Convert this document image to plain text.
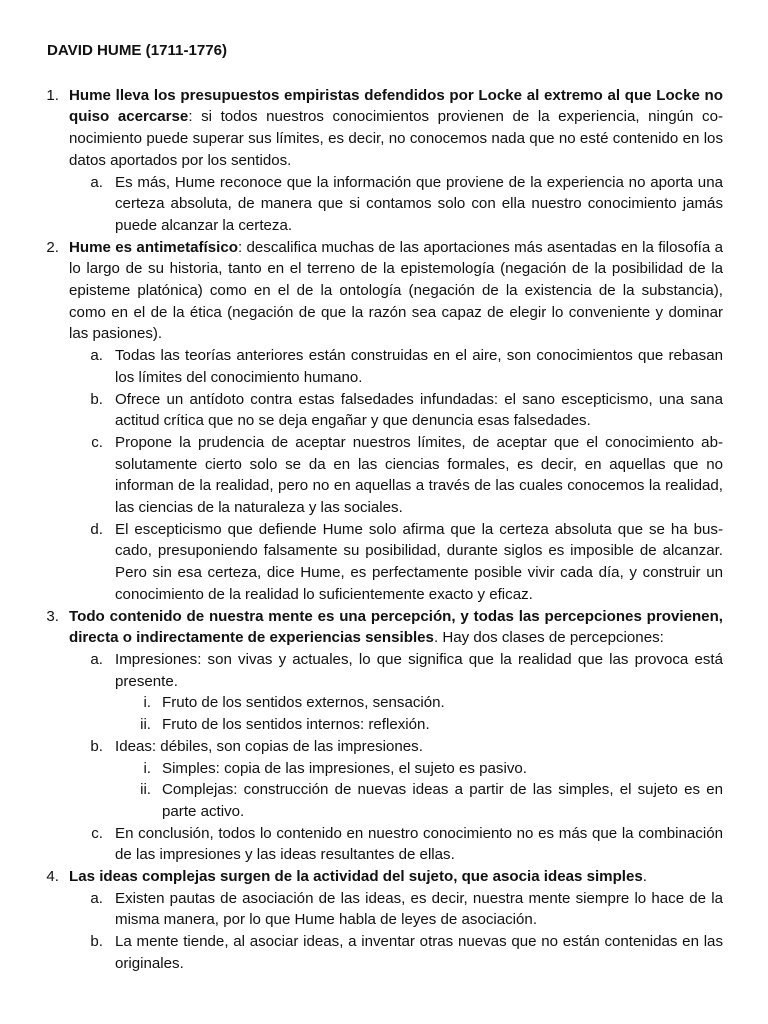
DAVID HUME (1711-1776)
1. Hume lleva los presupuestos empiristas defendidos por Locke al extremo al que Locke no quiso acercarse: si todos nuestros conocimientos provienen de la experiencia, ningún conocimiento puede superar sus límites, es decir, no conocemos nada que no esté contenido en los datos aportados por los sentidos.
a. Es más, Hume reconoce que la información que proviene de la experiencia no aporta una certeza absoluta, de manera que si contamos solo con ella nuestro conocimiento jamás puede alcanzar la certeza.
2. Hume es antimetafísico: descalifica muchas de las aportaciones más asentadas en la filosofía a lo largo de su historia, tanto en el terreno de la epistemología (negación de la posibilidad de la episteme platónica) como en el de la ontología (negación de la existencia de la substancia), como en el de la ética (negación de que la razón sea capaz de elegir lo conveniente y dominar las pasiones).
a. Todas las teorías anteriores están construidas en el aire, son conocimientos que rebasan los límites del conocimiento humano.
b. Ofrece un antídoto contra estas falsedades infundadas: el sano escepticismo, una sana actitud crítica que no se deja engañar y que denuncia esas falsedades.
c. Propone la prudencia de aceptar nuestros límites, de aceptar que el conocimiento absolutamente cierto solo se da en las ciencias formales, es decir, en aquellas que no informan de la realidad, pero no en aquellas a través de las cuales conocemos la realidad, las ciencias de la naturaleza y las sociales.
d. El escepticismo que defiende Hume solo afirma que la certeza absoluta que se ha buscado, presuponiendo falsamente su posibilidad, durante siglos es imposible de alcanzar. Pero sin esa certeza, dice Hume, es perfectamente posible vivir cada día, y construir un conocimiento de la realidad lo suficientemente exacto y eficaz.
3. Todo contenido de nuestra mente es una percepción, y todas las percepciones provienen, directa o indirectamente de experiencias sensibles. Hay dos clases de percepciones:
a. Impresiones: son vivas y actuales, lo que significa que la realidad que las provoca está presente.
i. Fruto de los sentidos externos, sensación.
ii. Fruto de los sentidos internos: reflexión.
b. Ideas: débiles, son copias de las impresiones.
i. Simples: copia de las impresiones, el sujeto es pasivo.
ii. Complejas: construcción de nuevas ideas a partir de las simples, el sujeto es en parte activo.
c. En conclusión, todos lo contenido en nuestro conocimiento no es más que la combinación de las impresiones y las ideas resultantes de ellas.
4. Las ideas complejas surgen de la actividad del sujeto, que asocia ideas simples.
a. Existen pautas de asociación de las ideas, es decir, nuestra mente siempre lo hace de la misma manera, por lo que Hume habla de leyes de asociación.
b. La mente tiende, al asociar ideas, a inventar otras nuevas que no están contenidas en las originales.
